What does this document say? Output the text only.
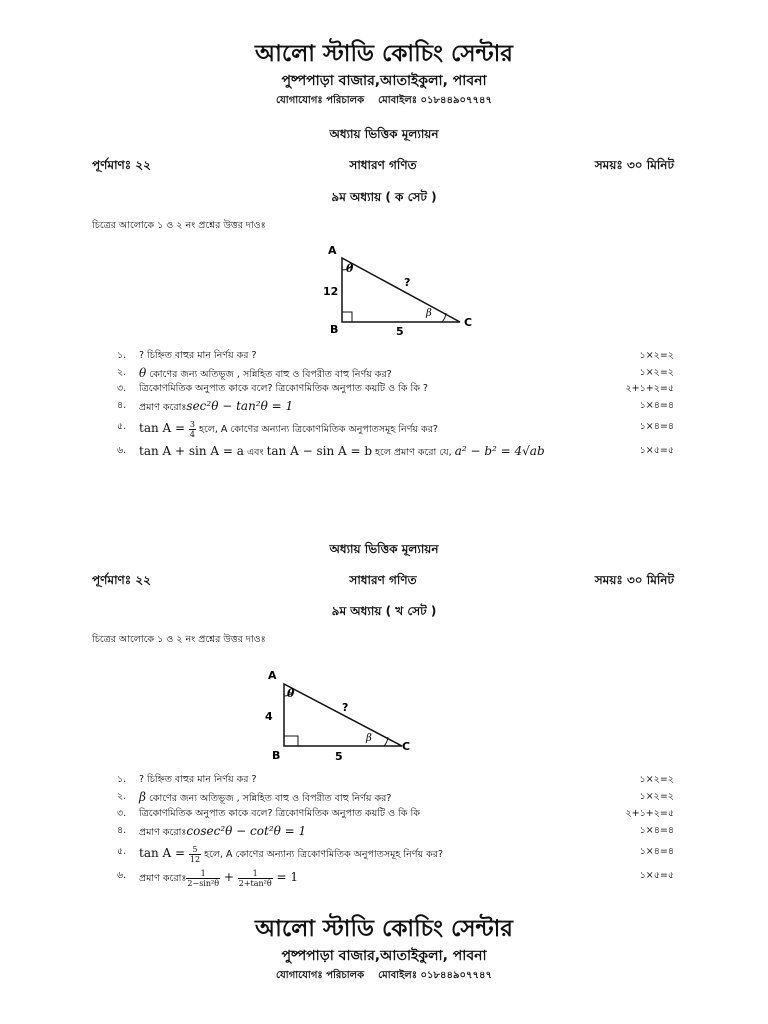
আলো স্টাডি কোচিং সেন্টার
পুষ্পপাড়া বাজার,আতাইকুলা, পাবনা
যোগাযোগঃ পরিচালক মোবাইলঃ ০১৮৪৪৯০৭৭৪৭
অধ্যায় ভিত্তিক মূল্যায়ন
সাধারণ গণিত
পূর্ণমাণঃ ২২	সময়ঃ ৩০ মিনিট
৯ম অধ্যায় ( ক সেট )
চিত্রের আলোকে ১ ও ২ নং প্রশ্নের উত্তর দাওঃ
A
B
C
12
5
?
θ
β
১. ? চিহ্নিত বাহুর মান নির্ণয় কর ?	১×২=২
২. θ কোণের জন্য অতিভূজ , সন্নিহিত বাহু ও বিপরীত বাহু নির্ণয় কর?	১×২=২
৩. ত্রিকোণমিতিক অনুপাত কাকে বলে? ত্রিকোণমিতিক অনুপাত কয়টি ও কি কি ?	২+১+২=৫
৪. প্রমাণ করোঃsec²θ − tan²θ = 1	১×৪=৪
৫. $\tan A = \frac{3}{4}$ হলে, A কোণের অন্যান্য ত্রিকোণমিতিক অনুপাতসমূহ নির্ণয় কর?	১×৪=৪
৬. tan A + sin A = a এবং tan A − sin A = b হলে প্রমাণ করো যে, a² − b² = 4√ab	১×৫=৫
অধ্যায় ভিত্তিক মূল্যায়ন
সাধারণ গণিত
পূর্ণমাণঃ ২২	সময়ঃ ৩০ মিনিট
৯ম অধ্যায় ( খ সেট )
চিত্রের আলোকে ১ ও ২ নং প্রশ্নের উত্তর দাওঃ
A
B
C
4
5
?
θ
β
১. ? চিহ্নিত বাহুর মান নির্ণয় কর ?	১×২=২
২. β কোণের জন্য অতিভূজ , সন্নিহিত বাহু ও বিপরীত বাহু নির্ণয় কর?	১×২=২
৩. ত্রিকোণমিতিক অনুপাত কাকে বলে? ত্রিকোণমিতিক অনুপাত কয়টি ও কি কি	২+১+২=৫
৪. প্রমাণ করোঃcosec²θ − cot²θ = 1	১×৪=৪
৫. $\tan A = \frac{5}{12}$ হলে, A কোণের অন্যান্য ত্রিকোণমিতিক অনুপাতসমূহ নির্ণয় কর?	১×৪=৪
৬. প্রমাণ করোঃ $\frac{1}{\text{2−sin²θ}} + \frac{1}{\text{2+tan²θ}} = 1$	১×৫=৫
আলো স্টাডি কোচিং সেন্টার
পুষ্পপাড়া বাজার,আতাইকুলা, পাবনা
যোগাযোগঃ পরিচালক মোবাইলঃ ০১৮৪৪৯০৭৭৪৭
